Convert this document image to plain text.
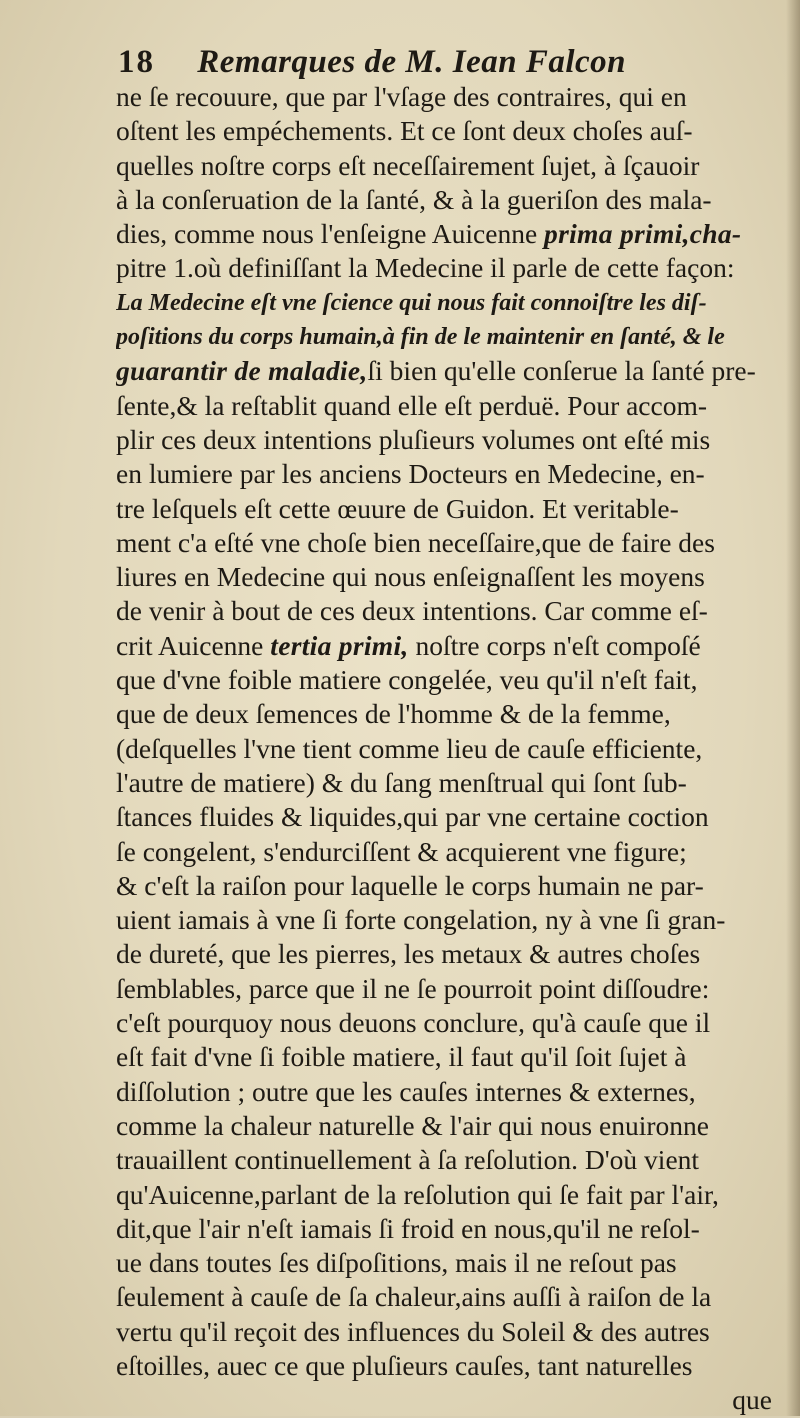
18 Remarques de M. Iean Falcon
ne ſe recouure, que par l'vſage des contraires, qui en
oſtent les empéchements. Et ce ſont deux choſes auſ-
quelles noſtre corps eſt neceſſairement ſujet, à ſçauoir
à la conſeruation de la ſanté, & à la gueriſon des mala-
dies, comme nous l'enſeigne Auicenne prima primi,cha-
pitre 1.où definiſſant la Medecine il parle de cette façon:
La Medecine eſt vne ſcience qui nous fait connoiſtre les diſ-
poſitions du corps humain,à fin de le maintenir en ſanté, & le
guarantir de maladie,ſi bien qu'elle conſerue la ſanté pre-
ſente,& la reſtablit quand elle eſt perduë. Pour accom-
plir ces deux intentions pluſieurs volumes ont eſté mis
en lumiere par les anciens Docteurs en Medecine, en-
tre leſquels eſt cette œuure de Guidon. Et veritable-
ment c'a eſté vne choſe bien neceſſaire,que de faire des
liures en Medecine qui nous enſeignaſſent les moyens
de venir à bout de ces deux intentions. Car comme eſ-
crit Auicenne tertia primi, noſtre corps n'eſt compoſé
que d'vne foible matiere congelée, veu qu'il n'eſt fait,
que de deux ſemences de l'homme & de la femme,
(deſquelles l'vne tient comme lieu de cauſe efficiente,
l'autre de matiere) & du ſang menſtrual qui ſont ſub-
ſtances fluides & liquides,qui par vne certaine coction
ſe congelent, s'endurciſſent & acquierent vne figure;
& c'eſt la raiſon pour laquelle le corps humain ne par-
uient iamais à vne ſi forte congelation, ny à vne ſi gran-
de dureté, que les pierres, les metaux & autres choſes
ſemblables, parce que il ne ſe pourroit point diſſoudre:
c'eſt pourquoy nous deuons conclure, qu'à cauſe que il
eſt fait d'vne ſi foible matiere, il faut qu'il ſoit ſujet à
diſſolution ; outre que les cauſes internes & externes,
comme la chaleur naturelle & l'air qui nous enuironne
trauaillent continuellement à ſa reſolution. D'où vient
qu'Auicenne,parlant de la reſolution qui ſe fait par l'air,
dit,que l'air n'eſt iamais ſi froid en nous,qu'il ne reſol-
ue dans toutes ſes diſpoſitions, mais il ne reſout pas
ſeulement à cauſe de ſa chaleur,ains auſſi à raiſon de la
vertu qu'il reçoit des influences du Soleil & des autres
eſtoilles, auec ce que pluſieurs cauſes, tant naturelles
que
